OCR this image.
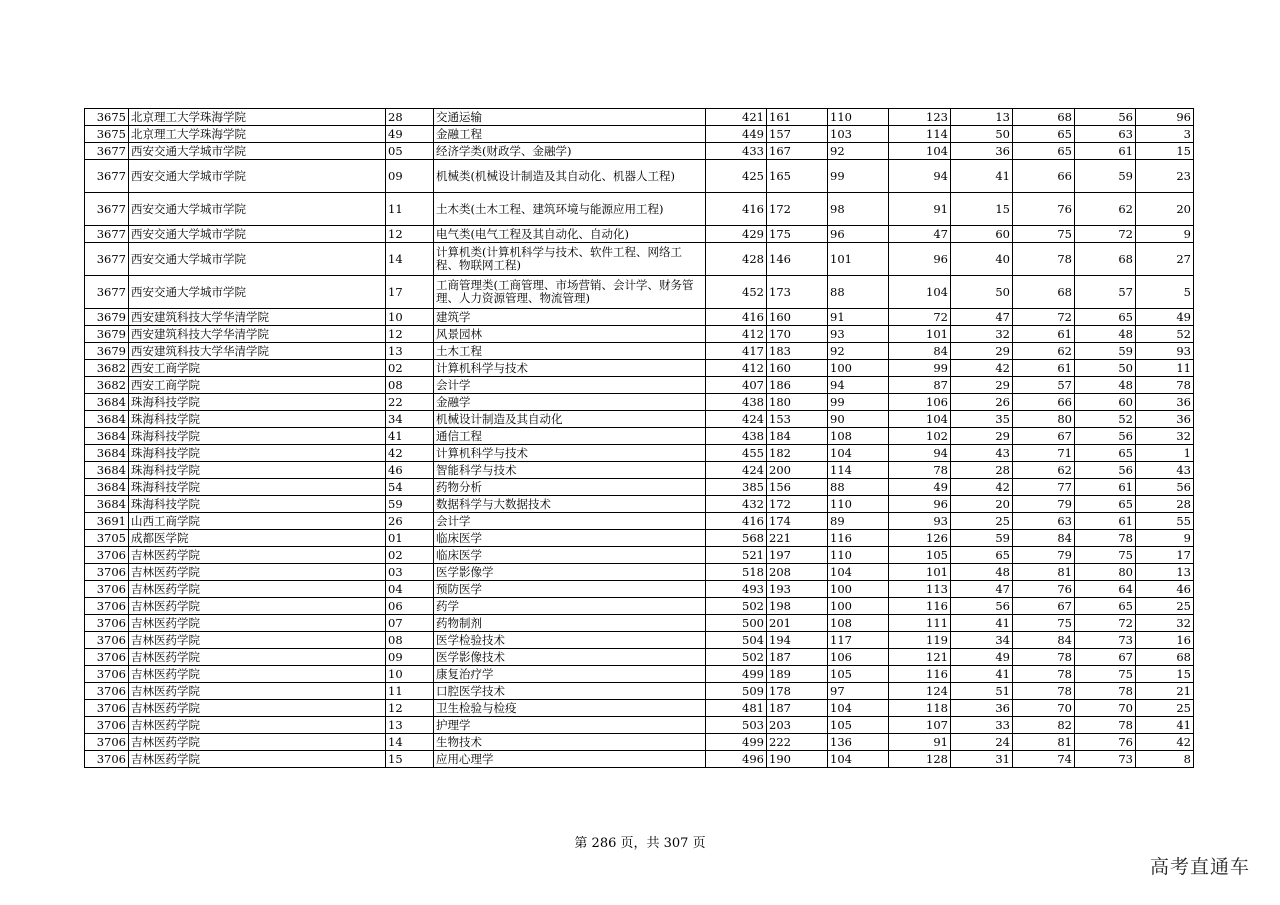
3675	北京理工大学珠海学院	28	交通运输	421	161	110	123	13	68	56	96
3675	北京理工大学珠海学院	49	金融工程	449	157	103	114	50	65	63	3
3677	西安交通大学城市学院	05	经济学类(财政学、金融学)	433	167	92	104	36	65	61	15
3677	西安交通大学城市学院	09	机械类(机械设计制造及其自动化、机器人工程)	425	165	99	94	41	66	59	23
3677	西安交通大学城市学院	11	土木类(土木工程、建筑环境与能源应用工程)	416	172	98	91	15	76	62	20
3677	西安交通大学城市学院	12	电气类(电气工程及其自动化、自动化)	429	175	96	47	60	75	72	9
3677	西安交通大学城市学院	14	计算机类(计算机科学与技术、软件工程、网络工程、物联网工程)	428	146	101	96	40	78	68	27
3677	西安交通大学城市学院	17	工商管理类(工商管理、市场营销、会计学、财务管理、人力资源管理、物流管理)	452	173	88	104	50	68	57	5
3679	西安建筑科技大学华清学院	10	建筑学	416	160	91	72	47	72	65	49
3679	西安建筑科技大学华清学院	12	风景园林	412	170	93	101	32	61	48	52
3679	西安建筑科技大学华清学院	13	土木工程	417	183	92	84	29	62	59	93
3682	西安工商学院	02	计算机科学与技术	412	160	100	99	42	61	50	11
3682	西安工商学院	08	会计学	407	186	94	87	29	57	48	78
3684	珠海科技学院	22	金融学	438	180	99	106	26	66	60	36
3684	珠海科技学院	34	机械设计制造及其自动化	424	153	90	104	35	80	52	36
3684	珠海科技学院	41	通信工程	438	184	108	102	29	67	56	32
3684	珠海科技学院	42	计算机科学与技术	455	182	104	94	43	71	65	1
3684	珠海科技学院	46	智能科学与技术	424	200	114	78	28	62	56	43
3684	珠海科技学院	54	药物分析	385	156	88	49	42	77	61	56
3684	珠海科技学院	59	数据科学与大数据技术	432	172	110	96	20	79	65	28
3691	山西工商学院	26	会计学	416	174	89	93	25	63	61	55
3705	成都医学院	01	临床医学	568	221	116	126	59	84	78	9
3706	吉林医药学院	02	临床医学	521	197	110	105	65	79	75	17
3706	吉林医药学院	03	医学影像学	518	208	104	101	48	81	80	13
3706	吉林医药学院	04	预防医学	493	193	100	113	47	76	64	46
3706	吉林医药学院	06	药学	502	198	100	116	56	67	65	25
3706	吉林医药学院	07	药物制剂	500	201	108	111	41	75	72	32
3706	吉林医药学院	08	医学检验技术	504	194	117	119	34	84	73	16
3706	吉林医药学院	09	医学影像技术	502	187	106	121	49	78	67	68
3706	吉林医药学院	10	康复治疗学	499	189	105	116	41	78	75	15
3706	吉林医药学院	11	口腔医学技术	509	178	97	124	51	78	78	21
3706	吉林医药学院	12	卫生检验与检疫	481	187	104	118	36	70	70	25
3706	吉林医药学院	13	护理学	503	203	105	107	33	82	78	41
3706	吉林医药学院	14	生物技术	499	222	136	91	24	81	76	42
3706	吉林医药学院	15	应用心理学	496	190	104	128	31	74	73	8
第 286 页，共 307 页
高考直通车
